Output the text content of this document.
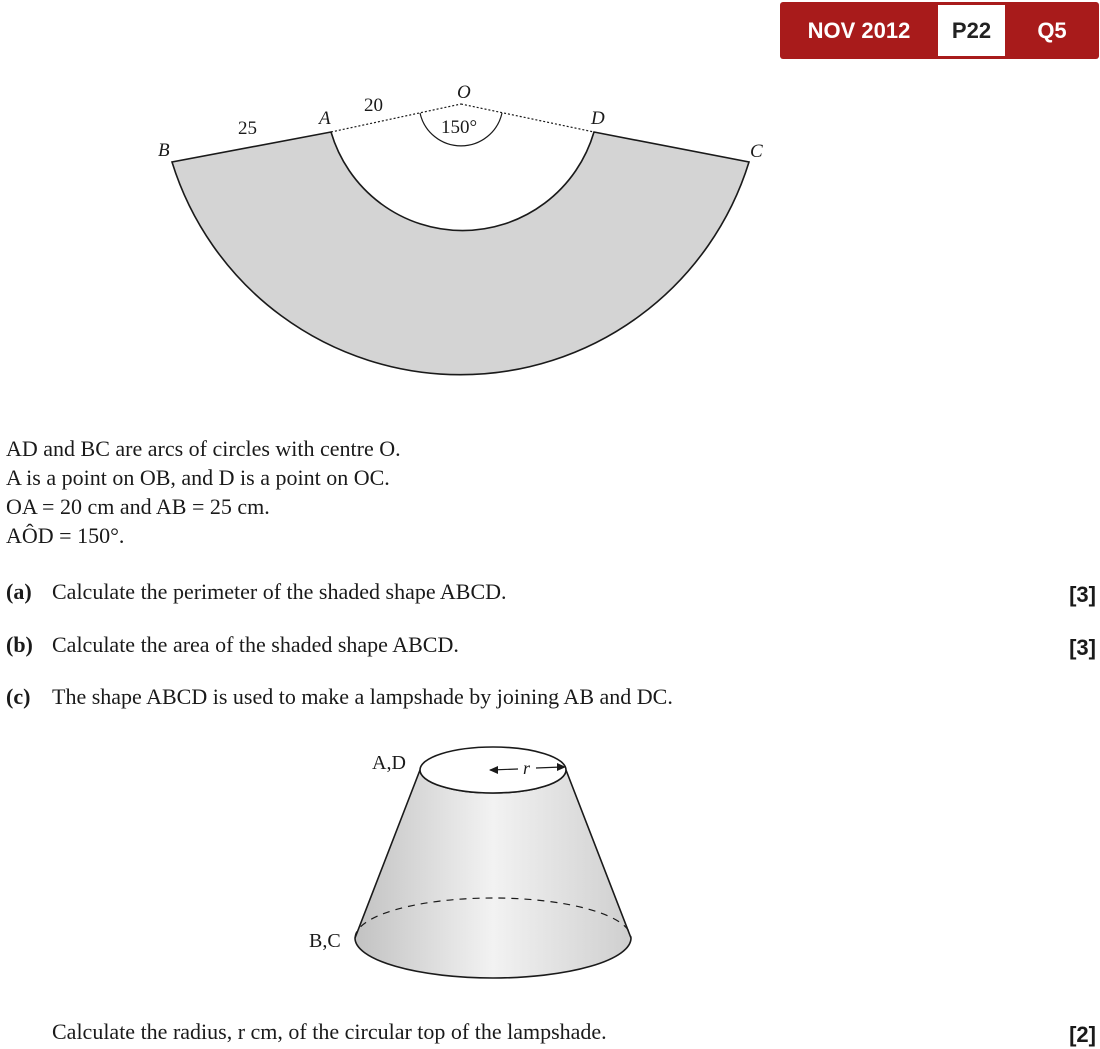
NOV 2012	P22	Q5
O
A
B	C
D
20
25	150°
AD and BC are arcs of circles with centre O.
A is a point on OB, and D is a point on OC.
OA = 20 cm and AB = 25 cm.
AÔD = 150°.
(a) Calculate the perimeter of the shaded shape ABCD.	[3]
(b) Calculate the area of the shaded shape ABCD.	[3]
(c) The shape ABCD is used to make a lampshade by joining AB and DC.
r
A,D
B,C
Calculate the radius, r cm, of the circular top of the lampshade.	[2]
